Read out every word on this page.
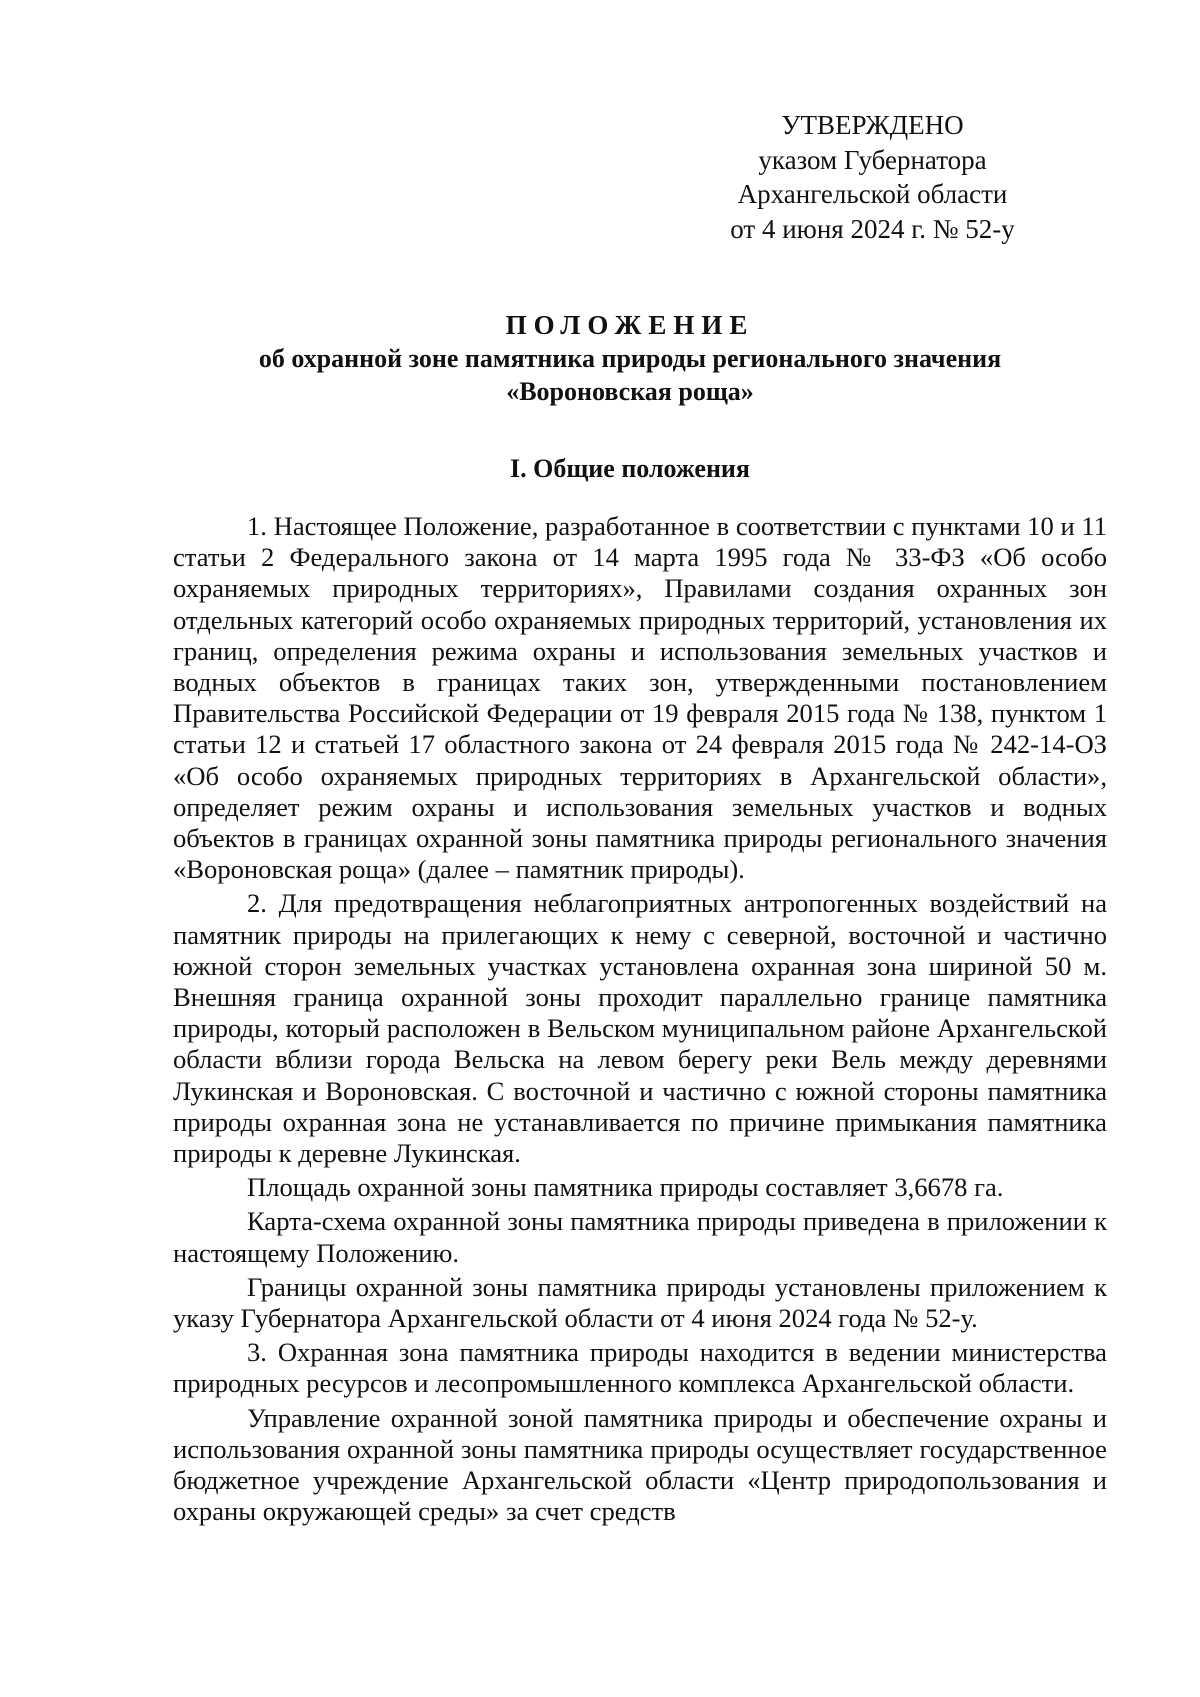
УТВЕРЖДЕНО
указом Губернатора
Архангельской области
от 4 июня 2024 г. № 52-у
ПОЛОЖЕНИЕ
об охранной зоне памятника природы регионального значения
«Вороновская роща»
I. Общие положения

1. Настоящее Положение, разработанное в соответствии с пунктами 10 и 11 статьи 2 Федерального закона от 14 марта 1995 года № 33-ФЗ «Об особо охраняемых природных территориях», Правилами создания охранных зон отдельных категорий особо охраняемых природных территорий, установления их границ, определения режима охраны и использования земельных участков и водных объектов в границах таких зон, утвержденными постановлением Правительства Российской Федерации от 19 февраля 2015 года № 138, пунктом 1 статьи 12 и статьей 17 областного закона от 24 февраля 2015 года № 242-14-ОЗ «Об особо охраняемых природных территориях в Архангельской области», определяет режим охраны и использования земельных участков и водных объектов в границах охранной зоны памятника природы регионального значения «Вороновская роща» (далее – памятник природы).

2. Для предотвращения неблагоприятных антропогенных воздействий на памятник природы на прилегающих к нему с северной, восточной и частично южной сторон земельных участках установлена охранная зона шириной 50 м. Внешняя граница охранной зоны проходит параллельно границе памятника природы, который расположен в Вельском муниципальном районе Архангельской области вблизи города Вельска на левом берегу реки Вель между деревнями Лукинская и Вороновская. С восточной и частично с южной стороны памятника природы охранная зона не устанавливается по причине примыкания памятника природы к деревне Лукинская.

Площадь охранной зоны памятника природы составляет 3,6678 га.

Карта-схема охранной зоны памятника природы приведена в приложении к настоящему Положению.

Границы охранной зоны памятника природы установлены приложением к указу Губернатора Архангельской области от 4 июня 2024 года № 52-у.

3. Охранная зона памятника природы находится в ведении министерства природных ресурсов и лесопромышленного комплекса Архангельской области.

Управление охранной зоной памятника природы и обеспечение охраны и использования охранной зоны памятника природы осуществляет государственное бюджетное учреждение Архангельской области «Центр природопользования и охраны окружающей среды» за счет средств
